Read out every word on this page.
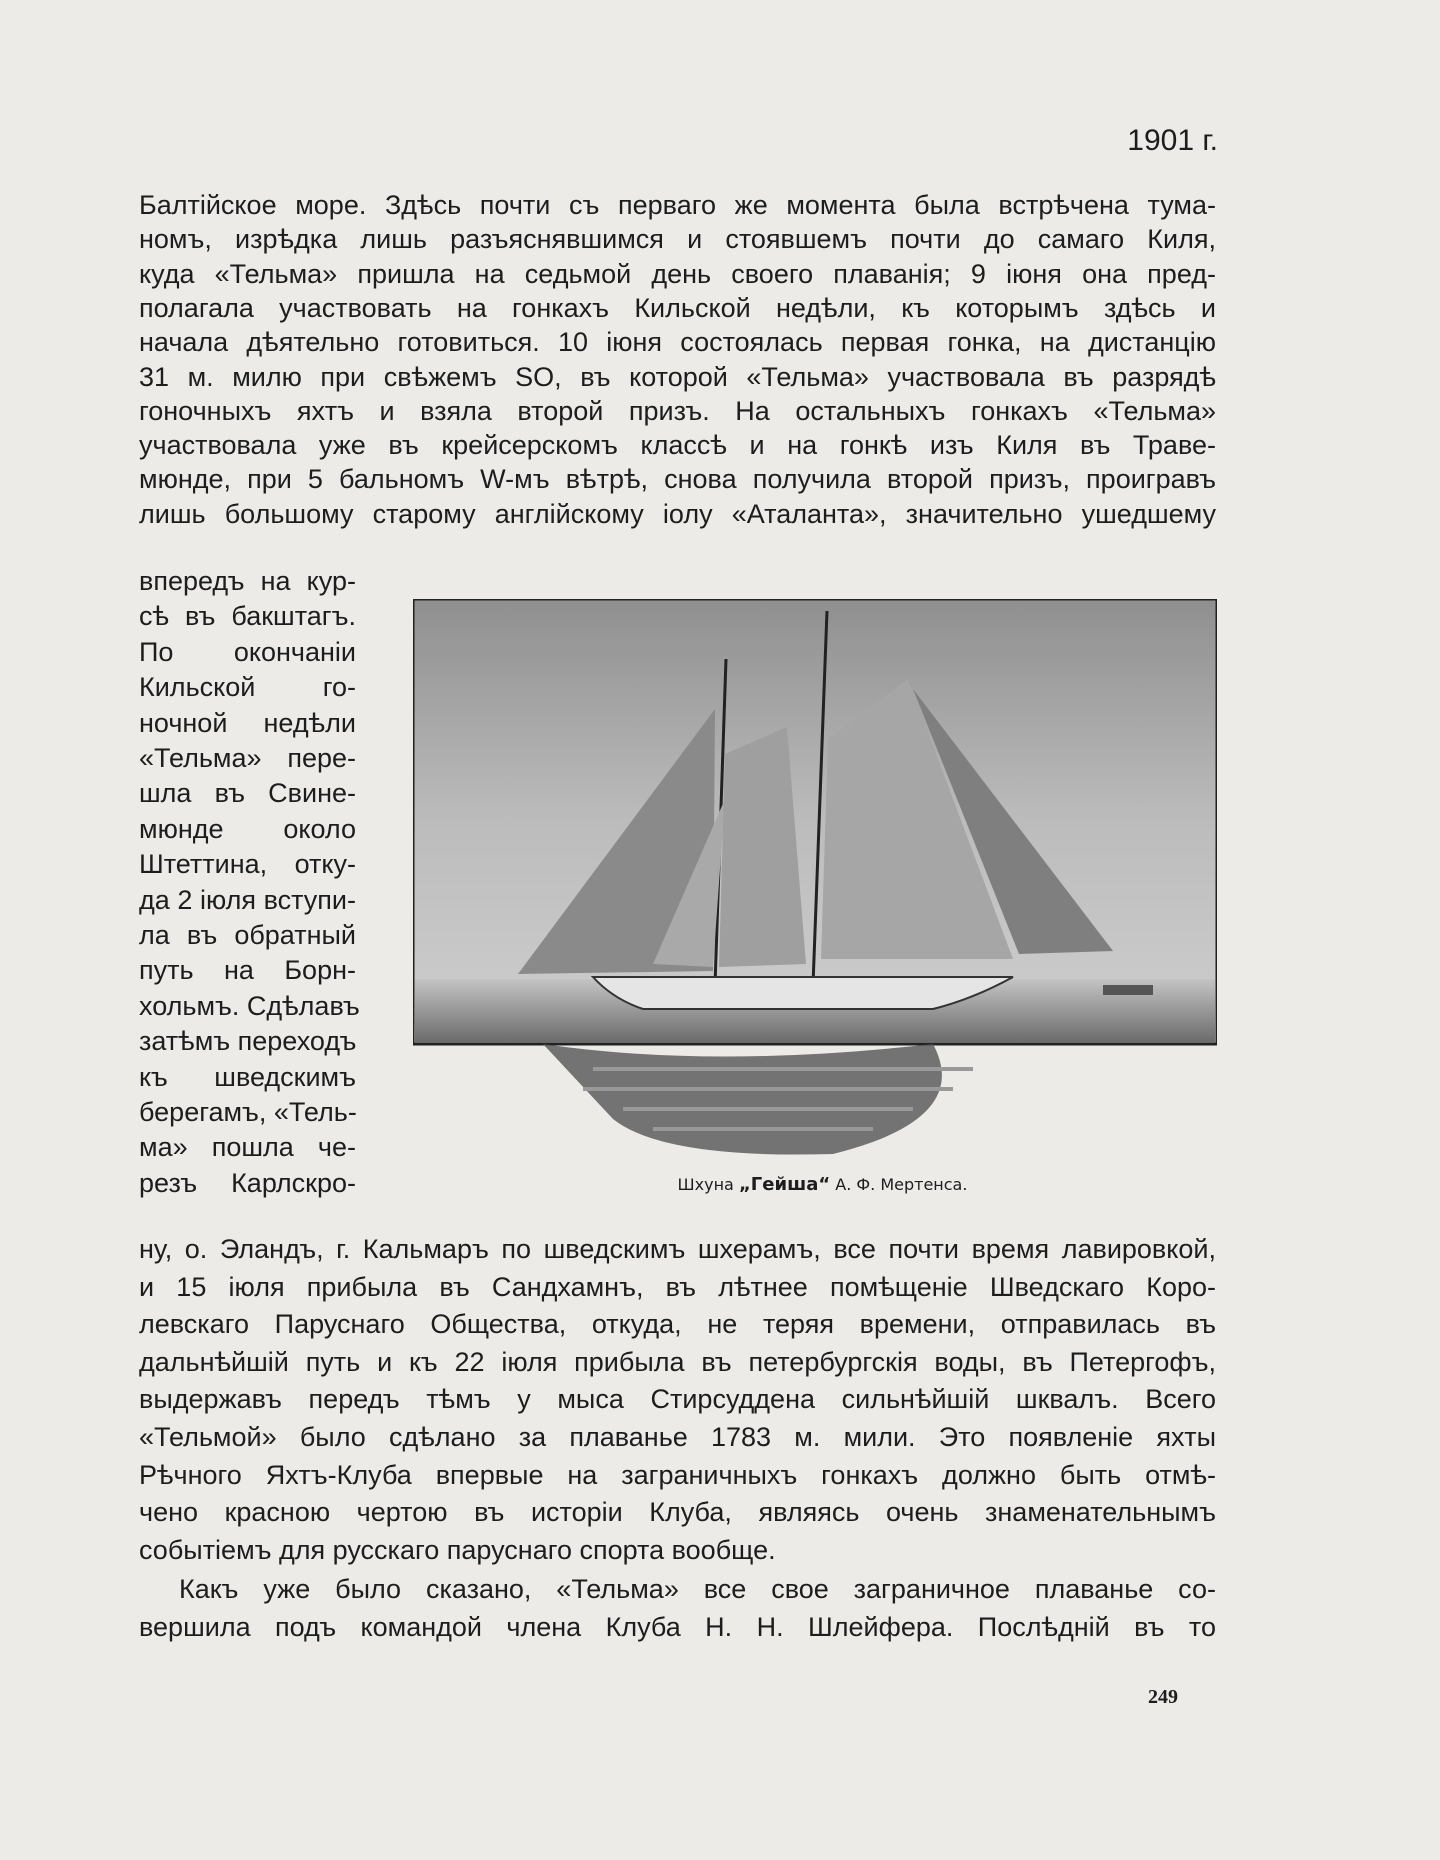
1901 г.
Балтійское море. Здѣсь почти съ перваго же момента была встрѣчена тума-
номъ, изрѣдка лишь разъяснявшимся и стоявшемъ почти до самаго Киля,
куда «Тельма» пришла на седьмой день своего плаванія; 9 іюня она пред-
полагала участвовать на гонкахъ Кильской недѣли, къ которымъ здѣсь и
начала дѣятельно готовиться. 10 іюня состоялась первая гонка, на дистанцію
31 м. милю при свѣжемъ SO, въ которой «Тельма» участвовала въ разрядѣ
гоночныхъ яхтъ и взяла второй призъ. На остальныхъ гонкахъ «Тельма»
участвовала уже въ крейсерскомъ классѣ и на гонкѣ изъ Киля въ Траве-
мюнде, при 5 бальномъ W-мъ вѣтрѣ, снова получила второй призъ, проигравъ
лишь большому старому англійскому іолу «Аталанта», значительно ушедшему
впередъ на кур-
сѣ въ бакштагъ.
По окончаніи
Кильской го-
ночной недѣли
«Тельма» пере-
шла въ Свине-
мюнде около
Штеттина, отку-
да 2 іюля вступи-
ла въ обратный
путь на Борн-
хольмъ. Сдѣлавъ
затѣмъ переходъ
къ шведскимъ
берегамъ, «Тель-
ма» пошла че-
резъ Карлскро-
ну, о. Эландъ, г. Кальмаръ по шведскимъ шхерамъ, все почти время лавировкой,
и 15 іюля прибыла въ Сандхамнъ, въ лѣтнее помѣщеніе Шведскаго Коро-
левскаго Паруснаго Общества, откуда, не теряя времени, отправилась въ
дальнѣйшій путь и къ 22 іюля прибыла въ петербургскія воды, въ Петергофъ,
выдержавъ передъ тѣмъ у мыса Стирсуддена сильнѣйшій шквалъ. Всего
«Тельмой» было сдѣлано за плаванье 1783 м. мили. Это появленіе яхты
Рѣчного Яхтъ-Клуба впервые на заграничныхъ гонкахъ должно быть отмѣ-
чено красною чертою въ исторіи Клуба, являясь очень знаменательнымъ
событіемъ для русскаго паруснаго спорта вообще.
Какъ уже было сказано, «Тельма» все свое заграничное плаванье со-
вершила подъ командой члена Клуба Н. Н. Шлейфера. Послѣдній въ то
Шхуна „Гейша“ А. Ф. Мертенса.
249
